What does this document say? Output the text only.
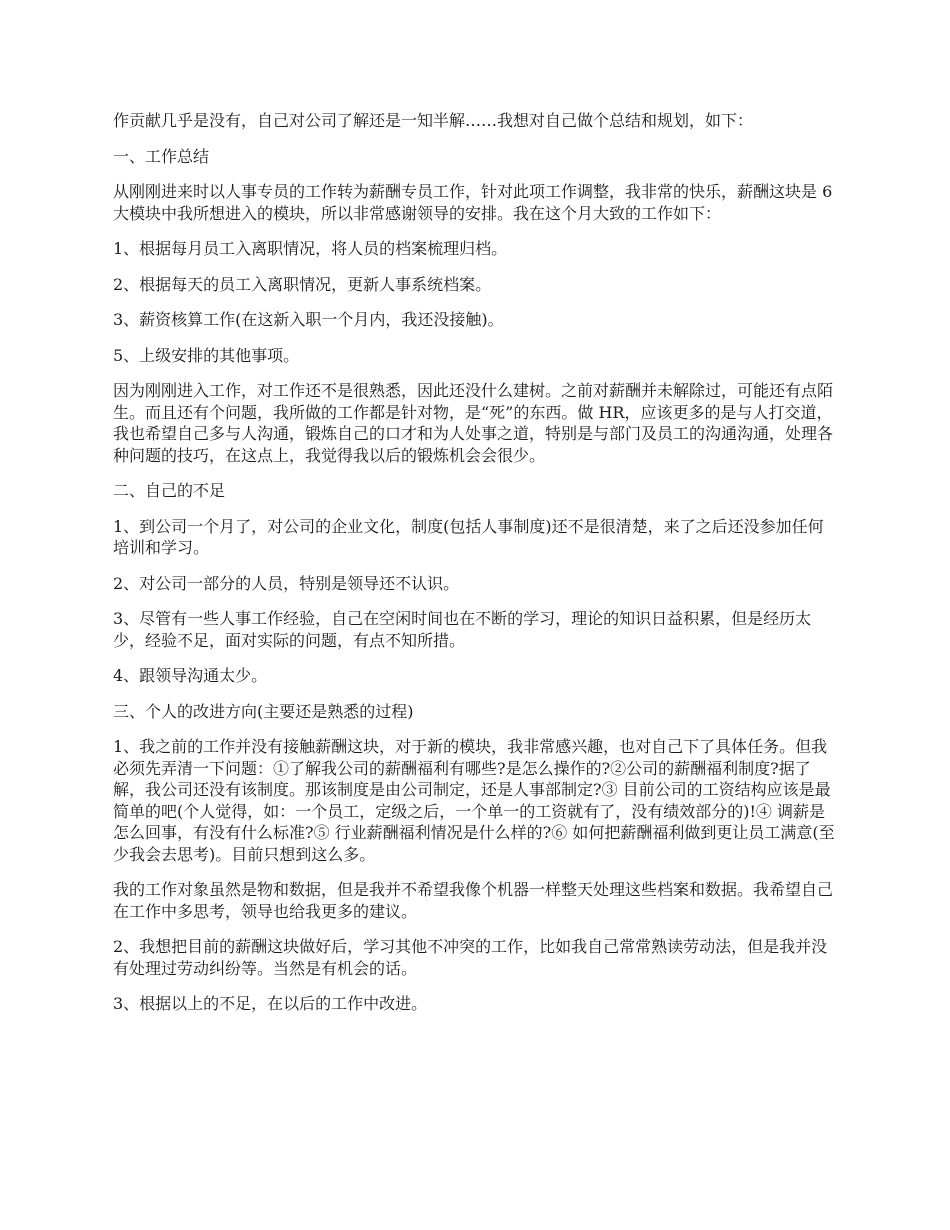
作贡献几乎是没有，自己对公司了解还是一知半解……我想对自己做个总结和规划，如下：

一、工作总结

从刚刚进来时以人事专员的工作转为薪酬专员工作，针对此项工作调整，我非常的快乐，薪酬这块是 6 大模块中我所想进入的模块，所以非常感谢领导的安排。我在这个月大致的工作如下：

1、根据每月员工入离职情况，将人员的档案梳理归档。

2、根据每天的员工入离职情况，更新人事系统档案。

3、薪资核算工作(在这新入职一个月内，我还没接触)。

5、上级安排的其他事项。

因为刚刚进入工作，对工作还不是很熟悉，因此还没什么建树。之前对薪酬并未解除过，可能还有点陌生。而且还有个问题，我所做的工作都是针对物，是“死”的东西。做 HR，应该更多的是与人打交道，我也希望自己多与人沟通，锻炼自己的口才和为人处事之道，特别是与部门及员工的沟通沟通，处理各种问题的技巧，在这点上，我觉得我以后的锻炼机会会很少。

二、自己的不足

1、到公司一个月了，对公司的企业文化，制度(包括人事制度)还不是很清楚，来了之后还没参加任何培训和学习。

2、对公司一部分的人员，特别是领导还不认识。

3、尽管有一些人事工作经验，自己在空闲时间也在不断的学习，理论的知识日益积累，但是经历太少，经验不足，面对实际的问题，有点不知所措。

4、跟领导沟通太少。

三、个人的改进方向(主要还是熟悉的过程)

1、我之前的工作并没有接触薪酬这块，对于新的模块，我非常感兴趣，也对自己下了具体任务。但我必须先弄清一下问题：①了解我公司的薪酬福利有哪些?是怎么操作的?②公司的薪酬福利制度?据了解，我公司还没有该制度。那该制度是由公司制定，还是人事部制定?③ 目前公司的工资结构应该是最简单的吧(个人觉得，如：一个员工，定级之后，一个单一的工资就有了，没有绩效部分的)!④ 调薪是怎么回事，有没有什么标准?⑤ 行业薪酬福利情况是什么样的?⑥ 如何把薪酬福利做到更让员工满意(至少我会去思考)。目前只想到这么多。

我的工作对象虽然是物和数据，但是我并不希望我像个机器一样整天处理这些档案和数据。我希望自己在工作中多思考，领导也给我更多的建议。

2、我想把目前的薪酬这块做好后，学习其他不冲突的工作，比如我自己常常熟读劳动法，但是我并没有处理过劳动纠纷等。当然是有机会的话。

3、根据以上的不足，在以后的工作中改进。
